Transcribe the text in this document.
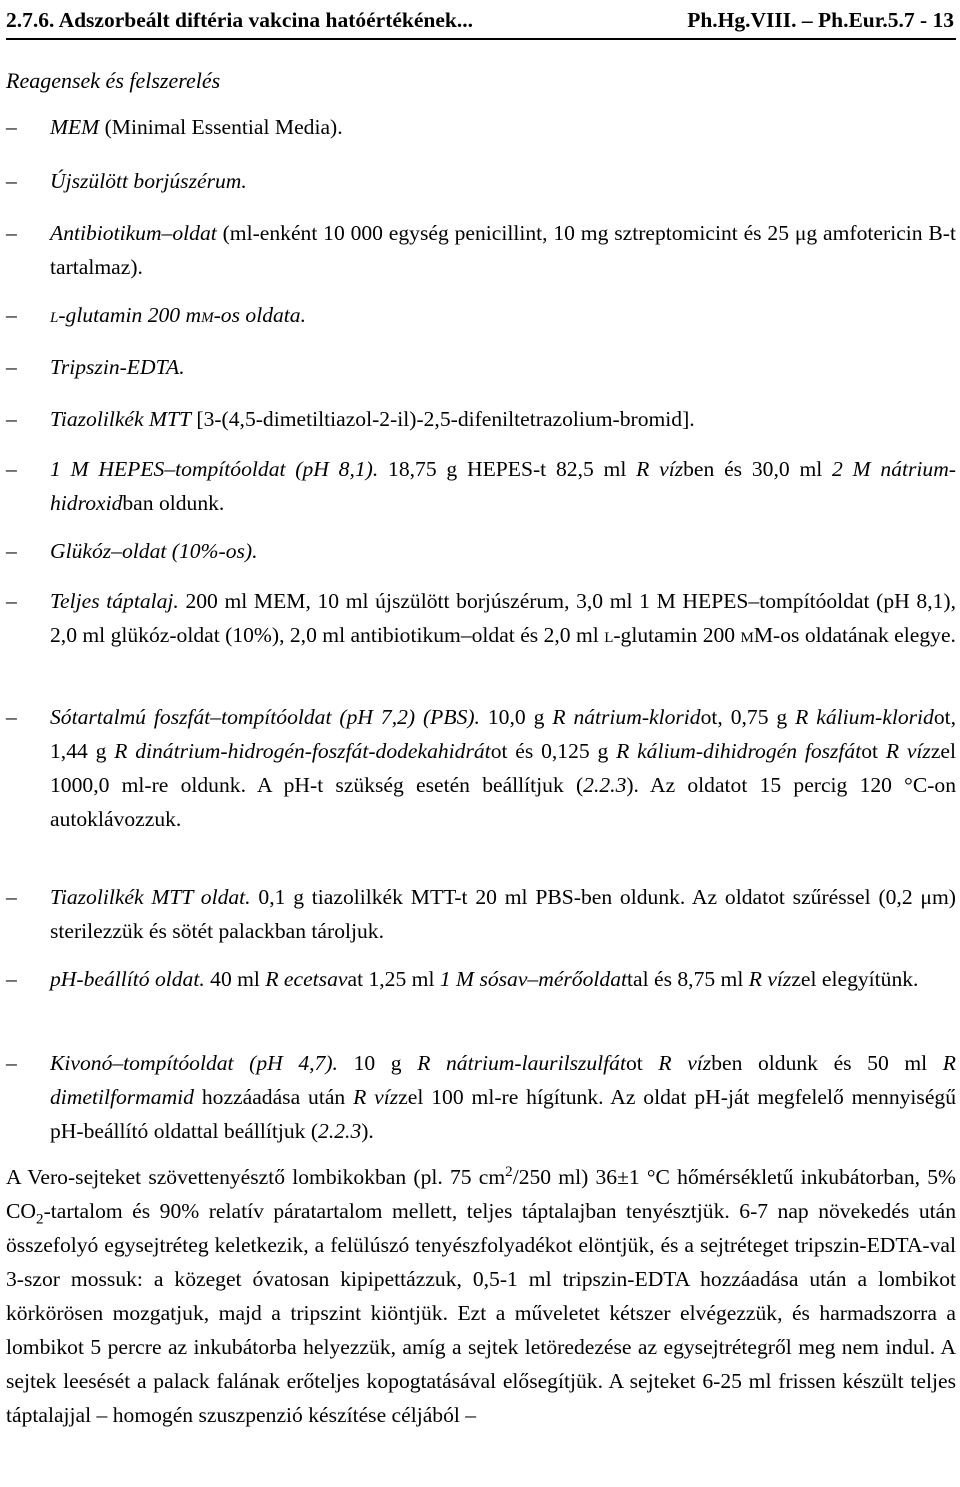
2.7.6. Adszorbeált diftéria vakcina hatóértékének...	Ph.Hg.VIII. – Ph.Eur.5.7 - 13
Reagensek és felszerelés
–	MEM (Minimal Essential Media).
–	Újszülött borjúszérum.
–	Antibiotikum–oldat (ml-enként 10 000 egység penicillint, 10 mg sztreptomicint és 25 μg amfotericin B-t tartalmaz).
–	l-glutamin 200 mm-os oldata.
–	Tripszin-EDTA.
–	Tiazolilkék MTT [3-(4,5-dimetiltiazol-2-il)-2,5-difeniltetrazolium-bromid].
–	1 M HEPES–tompítóoldat (pH 8,1). 18,75 g HEPES-t 82,5 ml R vízben és 30,0 ml 2 M nátrium-hidroxidban oldunk.
–	Glükóz–oldat (10%-os).
–	Teljes táptalaj. 200 ml MEM, 10 ml újszülött borjúszérum, 3,0 ml 1 M HEPES–tompítóoldat (pH 8,1), 2,0 ml glükóz-oldat (10%), 2,0 ml antibiotikum–oldat és 2,0 ml l-glutamin 200 mM-os oldatának elegye.
–	Sótartalmú foszfát–tompítóoldat (pH 7,2) (PBS). 10,0 g R nátrium-kloridot, 0,75 g R kálium-kloridot, 1,44 g R dinátrium-hidrogén-foszfát-dodekahidrátot és 0,125 g R kálium-dihidrogén foszfátot R vízzel 1000,0 ml-re oldunk. A pH-t szükség esetén beállítjuk (2.2.3). Az oldatot 15 percig 120 °C-on autoklávozzuk.
–	Tiazolilkék MTT oldat. 0,1 g tiazolilkék MTT-t 20 ml PBS-ben oldunk. Az oldatot szűréssel (0,2 μm) sterilezzük és sötét palackban tároljuk.
–	pH-beállító oldat. 40 ml R ecetsavat 1,25 ml 1 M sósav–mérőoldattal és 8,75 ml R vízzel elegyítünk.
–	Kivonó–tompítóoldat (pH 4,7). 10 g R nátrium-laurilszulfátot R vízben oldunk és 50 ml R dimetilformamid hozzáadása után R vízzel 100 ml-re hígítunk. Az oldat pH-ját megfelelő mennyiségű pH-beállító oldattal beállítjuk (2.2.3).
A Vero-sejteket szövettenyésztő lombikokban (pl. 75 $cm^2/250$ ml) 36±1 °C hőmérsékletű inkubátorban, 5% $CO_2$-tartalom és 90% relatív páratartalom mellett, teljes táptalajban tenyésztjük. 6-7 nap növekedés után összefolyó egysejtréteg keletkezik, a felülúszó tenyészfolyadékot elöntjük, és a sejtréteget tripszin-EDTA-val 3-szor mossuk: a közeget óvatosan kipipettázzuk, 0,5-1 ml tripszin-EDTA hozzáadása után a lombikot körkörösen mozgatjuk, majd a tripszint kiöntjük. Ezt a műveletet kétszer elvégezzük, és harmadszorra a lombikot 5 percre az inkubátorba helyezzük, amíg a sejtek letöredezése az egysejtrétegről meg nem indul. A sejtek leesését a palack falának erőteljes kopogtatásával elősegítjük. A sejteket 6-25 ml frissen készült teljes táptalajjal – homogén szuszpenzió készítése céljából –
